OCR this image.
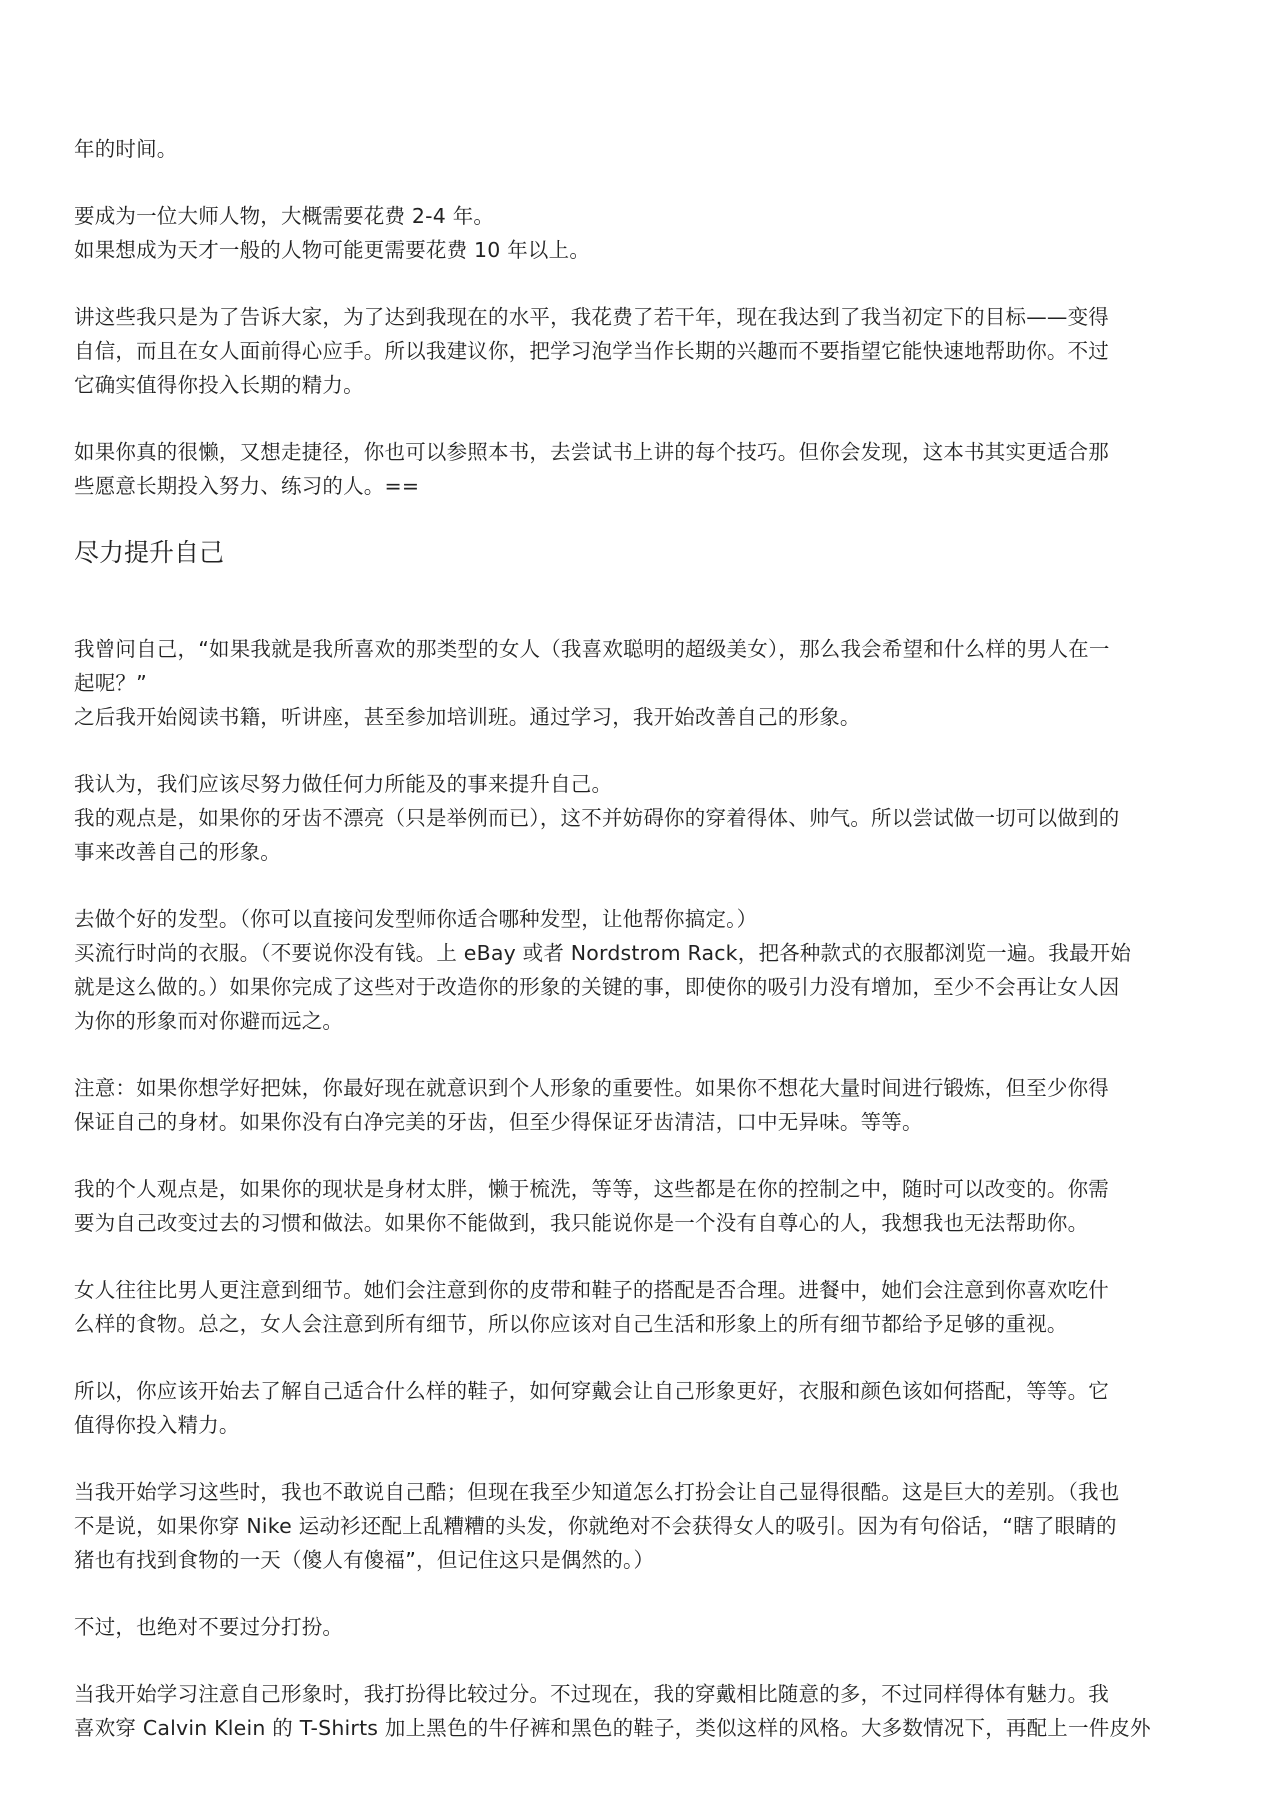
年的时间。
要成为一位大师人物，大概需要花费 2-4 年。
如果想成为天才一般的人物可能更需要花费 10 年以上。
讲这些我只是为了告诉大家，为了达到我现在的水平，我花费了若干年，现在我达到了我当初定下的目标——变得
自信，而且在女人面前得心应手。所以我建议你，把学习泡学当作长期的兴趣而不要指望它能快速地帮助你。不过
它确实值得你投入长期的精力。
如果你真的很懒，又想走捷径，你也可以参照本书，去尝试书上讲的每个技巧。但你会发现，这本书其实更适合那
些愿意长期投入努力、练习的人。==
尽力提升自己
我曾问自己，“如果我就是我所喜欢的那类型的女人（我喜欢聪明的超级美女），那么我会希望和什么样的男人在一
起呢？”
之后我开始阅读书籍，听讲座，甚至参加培训班。通过学习，我开始改善自己的形象。
我认为，我们应该尽努力做任何力所能及的事来提升自己。
我的观点是，如果你的牙齿不漂亮（只是举例而已），这不并妨碍你的穿着得体、帅气。所以尝试做一切可以做到的
事来改善自己的形象。
去做个好的发型。（你可以直接问发型师你适合哪种发型，让他帮你搞定。）
买流行时尚的衣服。（不要说你没有钱。上 eBay 或者 Nordstrom Rack，把各种款式的衣服都浏览一遍。我最开始
就是这么做的。）如果你完成了这些对于改造你的形象的关键的事，即使你的吸引力没有增加，至少不会再让女人因
为你的形象而对你避而远之。
注意：如果你想学好把妹，你最好现在就意识到个人形象的重要性。如果你不想花大量时间进行锻炼，但至少你得
保证自己的身材。如果你没有白净完美的牙齿，但至少得保证牙齿清洁，口中无异味。等等。
我的个人观点是，如果你的现状是身材太胖，懒于梳洗，等等，这些都是在你的控制之中，随时可以改变的。你需
要为自己改变过去的习惯和做法。如果你不能做到，我只能说你是一个没有自尊心的人，我想我也无法帮助你。
女人往往比男人更注意到细节。她们会注意到你的皮带和鞋子的搭配是否合理。进餐中，她们会注意到你喜欢吃什
么样的食物。总之，女人会注意到所有细节，所以你应该对自己生活和形象上的所有细节都给予足够的重视。
所以，你应该开始去了解自己适合什么样的鞋子，如何穿戴会让自己形象更好，衣服和颜色该如何搭配，等等。它
值得你投入精力。
当我开始学习这些时，我也不敢说自己酷；但现在我至少知道怎么打扮会让自己显得很酷。这是巨大的差别。（我也
不是说，如果你穿 Nike 运动衫还配上乱糟糟的头发，你就绝对不会获得女人的吸引。因为有句俗话，“瞎了眼睛的
猪也有找到食物的一天（傻人有傻福”，但记住这只是偶然的。）
不过，也绝对不要过分打扮。
当我开始学习注意自己形象时，我打扮得比较过分。不过现在，我的穿戴相比随意的多，不过同样得体有魅力。我
喜欢穿 Calvin Klein 的 T-Shirts 加上黑色的牛仔裤和黑色的鞋子，类似这样的风格。大多数情况下，再配上一件皮外
